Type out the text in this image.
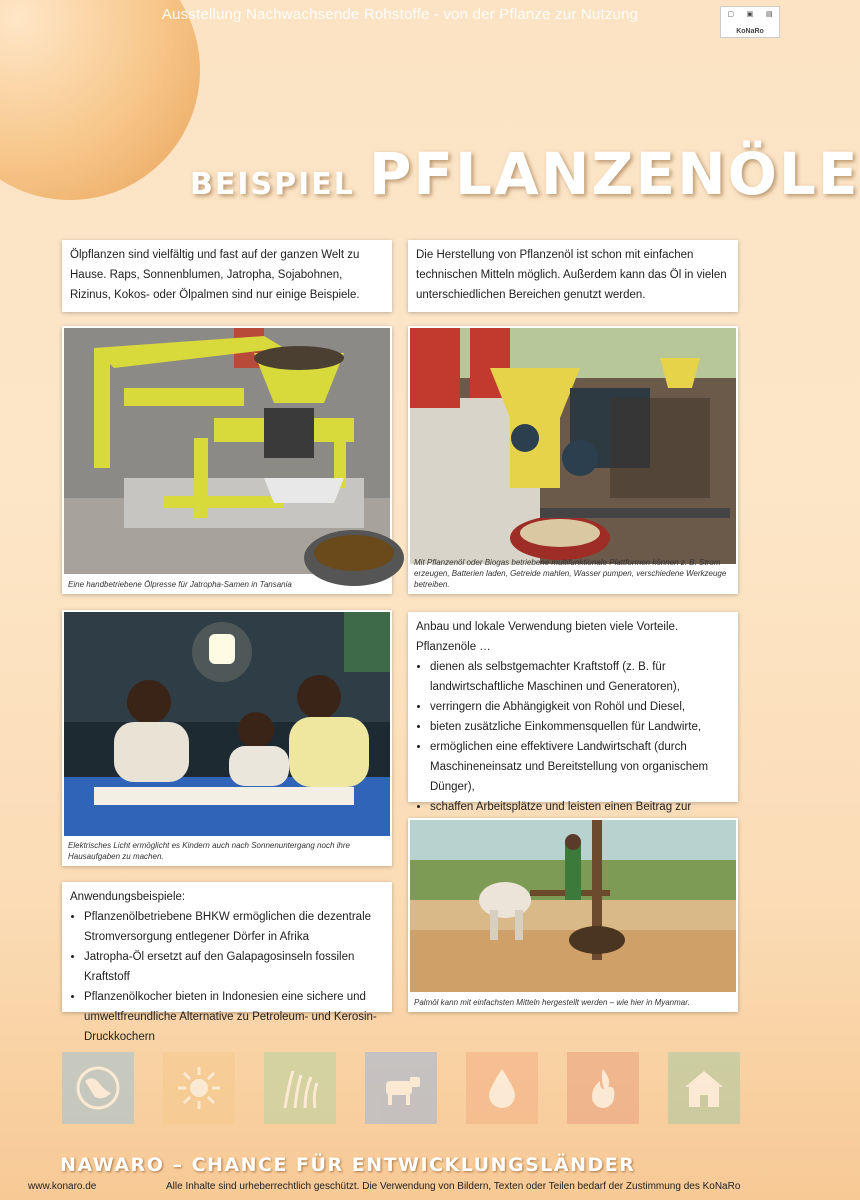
Ausstellung Nachwachsende Rohstoffe - von der Pflanze zur Nutzung	▢ ▣ ▤
KoNaRo
BEISPIEL PFLANZENÖLE

Ölpflanzen sind vielfältig und fast auf der ganzen Welt zu Hause. Raps, Sonnenblumen, Jatropha, Sojabohnen, Rizinus, Kokos- oder Ölpalmen sind nur einige Beispiele.

Die Herstellung von Pflanzenöl ist schon mit einfachen technischen Mitteln möglich. Außerdem kann das Öl in vielen unterschiedlichen Bereichen genutzt werden.

Eine handbetriebene Ölpresse für Jatropha-Samen in Tansania
Mit Pflanzenöl oder Biogas betriebene multifunktionale Plattformen können z. B. Strom erzeugen, Batterien laden, Getreide mahlen, Wasser pumpen, verschiedene Werkzeuge betreiben.
Elektrisches Licht ermöglicht es Kindern auch nach Sonnenuntergang noch ihre Hausaufgaben zu machen.

Anbau und lokale Verwendung bieten viele Vorteile. Pflanzenöle …

• dienen als selbstgemachter Kraftstoff (z. B. für landwirtschaftliche Maschinen und Generatoren),
• verringern die Abhängigkeit von Rohöl und Diesel,
• bieten zusätzliche Einkommensquellen für Landwirte,
• ermöglichen eine effektivere Landwirtschaft (durch Maschineneinsatz und Bereitstellung von organischem Dünger),
• schaffen Arbeitsplätze und leisten einen Beitrag zur
Palmöl kann mit einfachsten Mitteln hergestellt werden – wie hier in Myanmar.

Anwendungsbeispiele:

• Pflanzenölbetriebene BHKW ermöglichen die dezentrale Stromversorgung entlegener Dörfer in Afrika
• Jatropha-Öl ersetzt auf den Galapagosinseln fossilen Kraftstoff
• Pflanzenölkocher bieten in Indonesien eine sichere und umweltfreundliche Alternative zu Petroleum- und Kerosin-Druckkochern
NAWARO – CHANCE FÜR ENTWICKLUNGSLÄNDER
www.konaro.de	Alle Inhalte sind urheberrechtlich geschützt. Die Verwendung von Bildern, Texten oder Teilen bedarf der Zustimmung des KoNaRo
